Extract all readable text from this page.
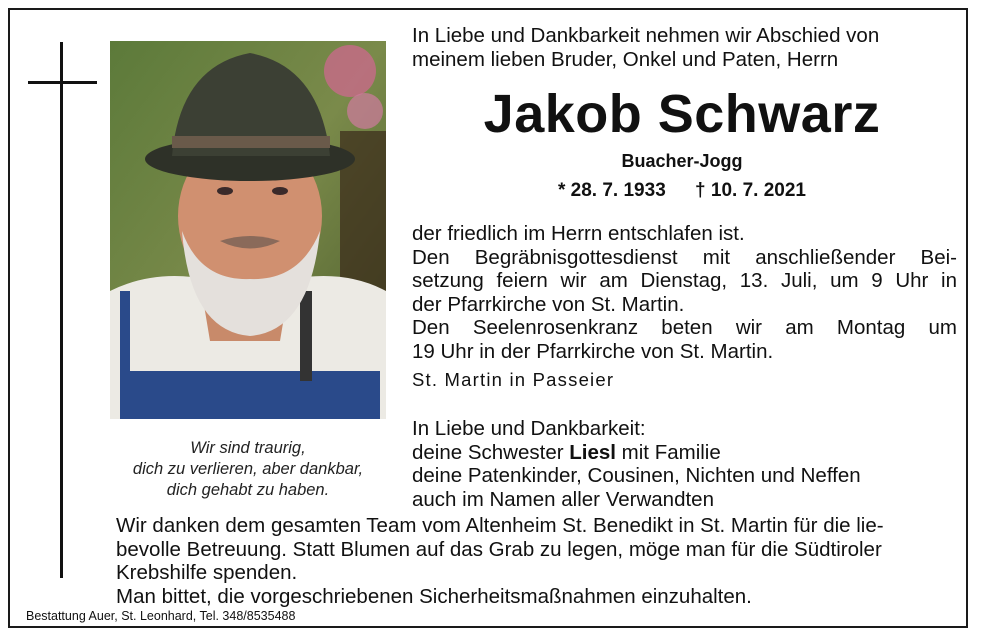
Wir sind traurig,
dich zu verlieren, aber dankbar,
dich gehabt zu haben.
In Liebe und Dankbarkeit nehmen wir Abschied von
meinem lieben Bruder, Onkel und Paten, Herrn
Jakob Schwarz
Buacher-Jogg
* 28. 7. 1933 † 10. 7. 2021
der friedlich im Herrn entschlafen ist.
Den Begräbnisgottesdienst mit anschließender Bei-
setzung feiern wir am Dienstag, 13. Juli, um 9 Uhr in
der Pfarrkirche von St. Martin.
Den Seelenrosenkranz beten wir am Montag um
19 Uhr in der Pfarrkirche von St. Martin.
St. Martin in Passeier
In Liebe und Dankbarkeit:
deine Schwester Liesl mit Familie
deine Patenkinder, Cousinen, Nichten und Neffen
auch im Namen aller Verwandten
Wir danken dem gesamten Team vom Altenheim St. Benedikt in St. Martin für die lie-
bevolle Betreuung. Statt Blumen auf das Grab zu legen, möge man für die Südtiroler
Krebshilfe spenden.
Man bittet, die vorgeschriebenen Sicherheitsmaßnahmen einzuhalten.
Bestattung Auer, St. Leonhard, Tel. 348/8535488
